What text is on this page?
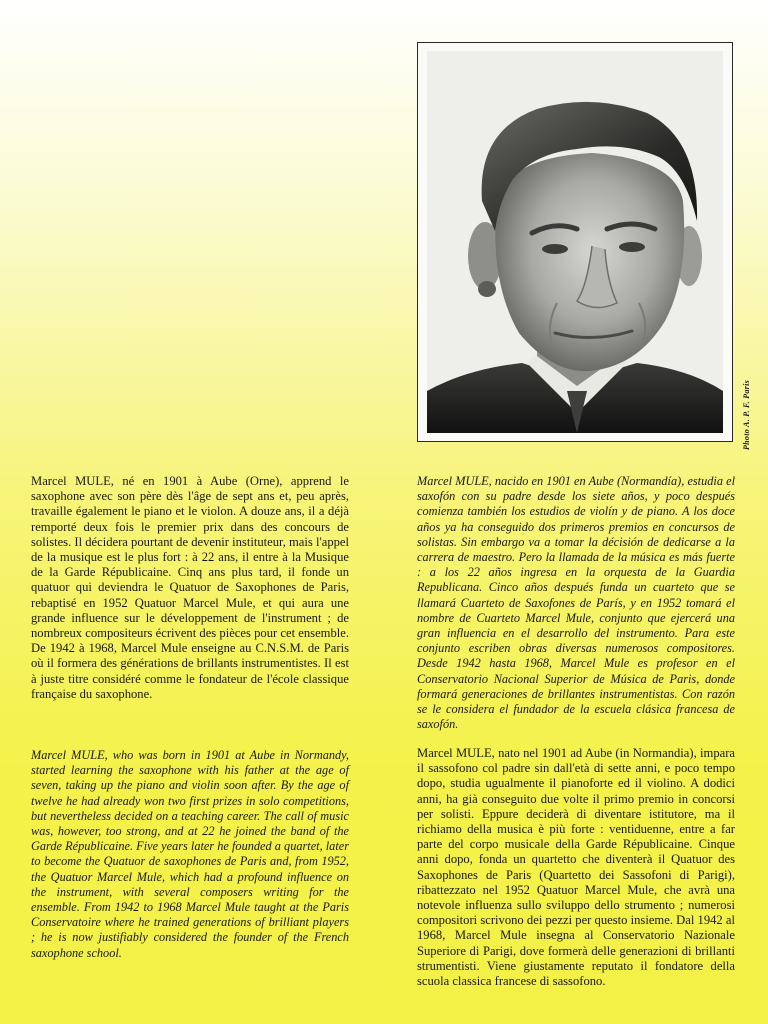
Photo A. P. F. Paris

Marcel MULE, né en 1901 à Aube (Orne), apprend le saxophone avec son père dès l'âge de sept ans et, peu après, travaille également le piano et le violon. A douze ans, il a déjà remporté deux fois le premier prix dans des concours de solistes. Il décidera pourtant de devenir instituteur, mais l'appel de la musique est le plus fort : à 22 ans, il entre à la Musique de la Garde Républicaine. Cinq ans plus tard, il fonde un quatuor qui deviendra le Quatuor de Saxophones de Paris, rebaptisé en 1952 Quatuor Marcel Mule, et qui aura une grande influence sur le développement de l'instrument ; de nombreux compositeurs écrivent des pièces pour cet ensemble. De 1942 à 1968, Marcel Mule enseigne au C.N.S.M. de Paris où il formera des générations de brillants instrumentistes. Il est à juste titre considéré comme le fondateur de l'école classique française du saxophone.

Marcel MULE, nacido en 1901 en Aube (Normandía), estudia el saxofón con su padre desde los siete años, y poco después comienza también los estudios de violín y de piano. A los doce años ya ha conseguido dos primeros premios en concursos de solistas. Sin embargo va a tomar la décisión de dedicarse a la carrera de maestro. Pero la llamada de la música es más fuerte : a los 22 años ingresa en la orquesta de la Guardia Republicana. Cinco años después funda un cuarteto que se llamará Cuarteto de Saxofones de París, y en 1952 tomará el nombre de Cuarteto Marcel Mule, conjunto que ejercerá una gran influencia en el desarrollo del instrumento. Para este conjunto escriben obras diversas numerosos compositores. Desde 1942 hasta 1968, Marcel Mule es profesor en el Conservatorio Nacional Superior de Música de Paris, donde formará generaciones de brillantes instrumentistas. Con razón se le considera el fundador de la escuela clásica francesa de saxofón.

Marcel MULE, who was born in 1901 at Aube in Normandy, started learning the saxophone with his father at the age of seven, taking up the piano and violin soon after. By the age of twelve he had already won two first prizes in solo competitions, but nevertheless decided on a teaching career. The call of music was, however, too strong, and at 22 he joined the band of the Garde Républicaine. Five years later he founded a quartet, later to become the Quatuor de saxophones de Paris and, from 1952, the Quatuor Marcel Mule, which had a profound influence on the instrument, with several composers writing for the ensemble. From 1942 to 1968 Marcel Mule taught at the Paris Conservatoire where he trained generations of brilliant players ; he is now justifiably considered the founder of the French saxophone school.

Marcel MULE, nato nel 1901 ad Aube (in Normandia), impara il sassofono col padre sin dall'età di sette anni, e poco tempo dopo, studia ugualmente il pianoforte ed il violino. A dodici anni, ha già conseguito due volte il primo premio in concorsi per solisti. Eppure deciderà di diventare istitutore, ma il richiamo della musica è più forte : ventiduenne, entre a far parte del corpo musicale della Garde Républicaine. Cinque anni dopo, fonda un quartetto che diventerà il Quatuor des Saxophones de Paris (Quartetto dei Sassofoni di Parigi), ribattezzato nel 1952 Quatuor Marcel Mule, che avrà una notevole influenza sullo sviluppo dello strumento ; numerosi compositori scrivono dei pezzi per questo insieme. Dal 1942 al 1968, Marcel Mule insegna al Conservatorio Nazionale Superiore di Parigi, dove formerà delle generazioni di brillanti strumentisti. Viene giustamente reputato il fondatore della scuola classica francese di sassofono.
